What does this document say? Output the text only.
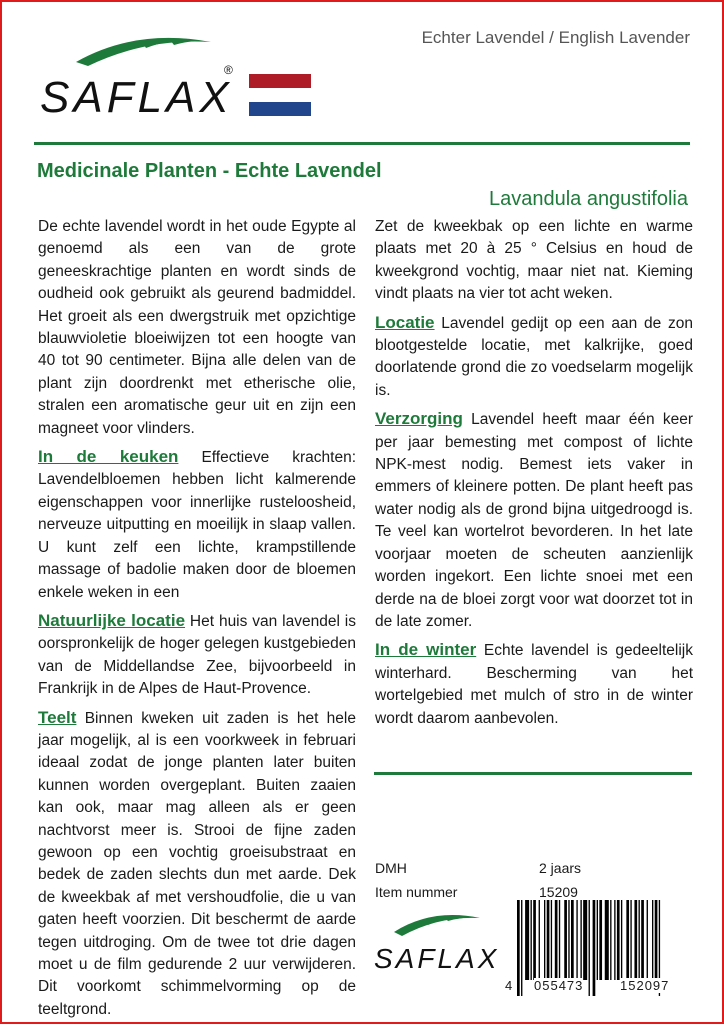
Echter Lavendel / English Lavender
SAFLAX
®
Medicinale Planten - Echte Lavendel
Lavandula angustifolia

De echte lavendel wordt in het oude Egypte al genoemd als een van de grote geneeskrachtige planten en wordt sinds de oudheid ook gebruikt als geurend badmiddel. Het groeit als een dwergstruik met opzichtige blauwvioletie bloeiwijzen tot een hoogte van 40 tot 90 centimeter. Bijna alle delen van de plant zijn doordrenkt met etherische olie, stralen een aromatische geur uit en zijn een magneet voor vlinders.

In de keuken Effectieve krachten: Lavendelbloemen hebben licht kalmerende eigenschappen voor innerlijke rusteloosheid, nerveuze uitputting en moeilijk in slaap vallen. U kunt zelf een lichte, krampstillende massage of badolie maken door de bloemen enkele weken in een

Natuurlijke locatie Het huis van lavendel is oorspronkelijk de hoger gelegen kustgebieden van de Middellandse Zee, bijvoorbeeld in Frankrijk in de Alpes de Haut-Provence.

Teelt Binnen kweken uit zaden is het hele jaar mogelijk, al is een voorkweek in februari ideaal zodat de jonge planten later buiten kunnen worden overgeplant. Buiten zaaien kan ook, maar mag alleen als er geen nachtvorst meer is. Strooi de fijne zaden gewoon op een vochtig groeisubstraat en bedek de zaden slechts dun met aarde. Dek de kweekbak af met vershoudfolie, die u van gaten heeft voorzien. Dit beschermt de aarde tegen uitdroging. Om de twee tot drie dagen moet u de film gedurende 2 uur verwijderen. Dit voorkomt schimmelvorming op de teeltgrond.

Zet de kweekbak op een lichte en warme plaats met 20 à 25 ° Celsius en houd de kweekgrond vochtig, maar niet nat. Kieming vindt plaats na vier tot acht weken.

Locatie Lavendel gedijt op een aan de zon blootgestelde locatie, met kalkrijke, goed doorlatende grond die zo voedselarm mogelijk is.

Verzorging Lavendel heeft maar één keer per jaar bemesting met compost of lichte NPK-mest nodig. Bemest iets vaker in emmers of kleinere potten. De plant heeft pas water nodig als de grond bijna uitgedroogd is. Te veel kan wortelrot bevorderen. In het late voorjaar moeten de scheuten aanzienlijk worden ingekort. Een lichte snoei met een derde na de bloei zorgt voor wat doorzet tot in de late zomer.

In de winter Echte lavendel is gedeeltelijk winterhard. Bescherming van het wortelgebied met mulch of stro in de winter wordt daarom aanbevolen.

DMH	2 jaars
Item nummer	15209
SAFLAX
4 055473	152097
